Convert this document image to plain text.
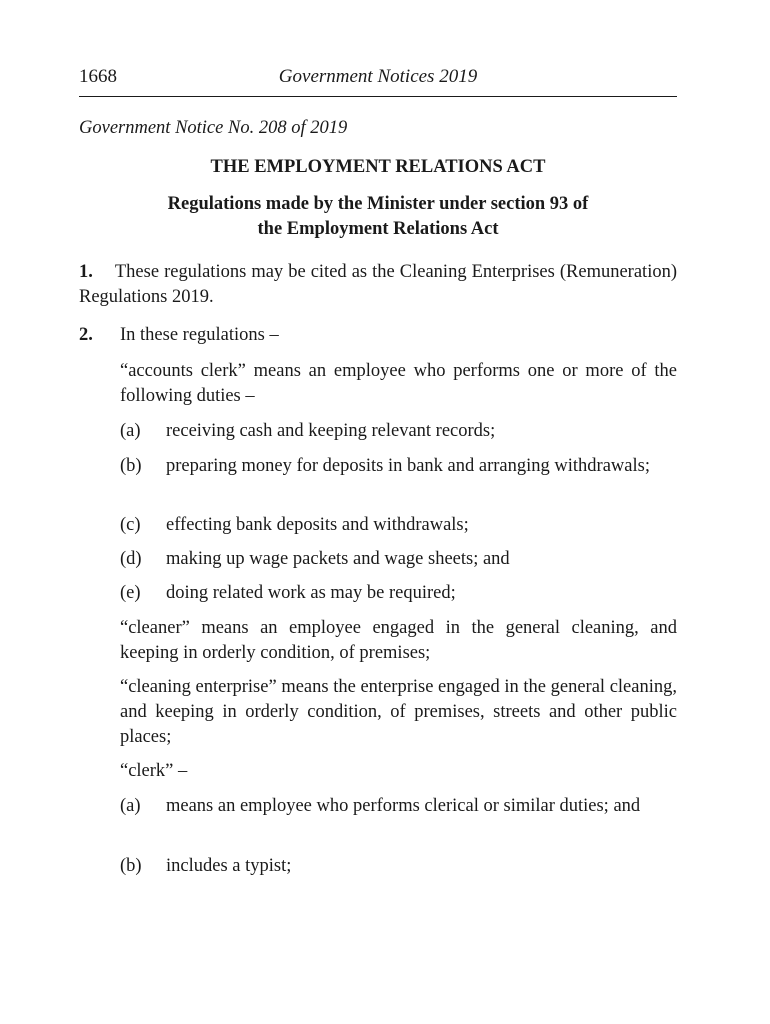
1668	Government Notices 2019
Government Notice No. 208 of 2019
THE EMPLOYMENT RELATIONS ACT
Regulations made by the Minister under section 93 of
the Employment Relations Act
1. These regulations may be cited as the Cleaning Enterprises (Remuneration) Regulations 2019.
2. In these regulations –
“accounts clerk” means an employee who performs one or more of the following duties –
(a) receiving cash and keeping relevant records;
(b) preparing money for deposits in bank and arranging withdrawals;
(c) effecting bank deposits and withdrawals;
(d) making up wage packets and wage sheets; and
(e) doing related work as may be required;
“cleaner” means an employee engaged in the general cleaning, and keeping in orderly condition, of premises;
“cleaning enterprise” means the enterprise engaged in the general cleaning, and keeping in orderly condition, of premises, streets and other public places;
“clerk” –
(a) means an employee who performs clerical or similar duties; and
(b) includes a typist;
